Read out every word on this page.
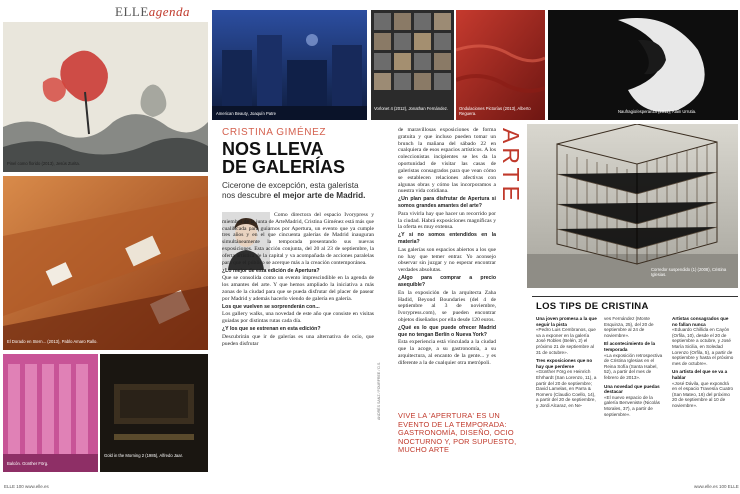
ELLEagenda
Pinel como florido (2013), Jesús Zurita.
American Beauty, Joaquín Patre
El Dorado en Stern... (2013), Pablo Amaro Rallo.
Balcón. Günther Förg.
Gold in the Morning 2 (1985), Alfredo Jaar.
CRISTINA GIMÉNEZ
NOS LLEVA
DE GALERÍAS
Cicerone de excepción, esta galerista nos descubre el mejor arte de Madrid.

Como directora del espacio Ivorypress y miembro de la junta de ArteMadrid, Cristina Giménez está más que cualificada para guiarnos por Apertura, un evento que ya cumple tres años y en el que cincuenta galerías de Madrid inauguran simultáneamente la temporada presentando sus nuevas exposiciones. Esta acción conjunta, del 20 al 23 de septiembre, la oferta artística de la capital y va acompañada de acciones paralelas para que el público se acerque más a la creación contemporánea.

¿Lo mejor de esta edición de Apertura?

Que se consolida como un evento imprescindible en la agenda de los amantes del arte. Y que hemos ampliado la iniciativa a más zonas de la ciudad para que se pueda disfrutar del placer de pasear por Madrid y además hacerlo viendo de galería en galería.

Los que vuelven se sorprenderán con...

Los gallery walks, una novedad de este año que consiste en visitas guiadas por distintas rutas cada día.

¿Y los que se estrenan en esta edición?

Descubrirán que ir de galerías es una alternativa de ocio, que pueden disfrutar

ANDRÉS SANZ / FOURFREE / D.S.

de maravillosas exposiciones de forma gratuita y que incluso pueden tomar un brunch la mañana del sábado 22 en cualquiera de esos espacios artísticos. A los coleccionistas incipientes se les da la oportunidad de visitar las casas de galeristas consagrados para que vean cómo se establecen relaciones afectivas con algunas obras y cómo las incorporamos a nuestra vida cotidiana.

¿Un plan para disfrutar de Apertura si somos grandes amantes del arte?

Para vivirla hay que hacer un recorrido por la ciudad. Habrá exposiciones magníficas y la oferta es muy extensa.

¿Y si no somos entendidos en la materia?

Las galerías son espacios abiertos a los que no hay que temer entrar. Yo aconsejo observar sin juzgar y no esperar encontrar verdades absolutas.

¿Algo para comprar a precio asequible?

En la exposición de la arquitecta Zaha Hadid, Beyond Boundaries (del 4 de septiembre al 3 de noviembre, Ivorypress.com), se pueden encontrar objetos diseñados por ella desde 120 euros.

¿Qué es lo que puede ofrecer Madrid que no tengan Berlín o Nueva York?

Esta experiencia está vinculada a la ciudad que la acoge, a su gastronomía, a su arquitectura, al encanto de la gente... y es diferente a la de cualquier otra metrópoli.

ARTE
VIVE LA 'APERTURA' ES UN EVENTO DE LA TEMPORADA: GASTRONOMÍA, DISEÑO, OCIO NOCTURNO Y, POR SUPUESTO, MUCHO ARTE
Vorlonet 4 (2012), Jonathan Fernández.	Ondulaciones Pictorías (2013), Alberto Reguera.	Naufragio/esperanza (2011), Alain Urrutia.
Corredor suspendido (1) (2008), Cristina Iglesias.
LOS TIPS DE CRISTINA
Una joven promesa a la que seguir la pista
«Pedro Luis Cembranos, que va a exponer en la galería José Robles (Belén, 2) el próximo 21 de septiembre al 31 de octubre».
Tres exposiciones que no hay que perderse
«Günther Förg en Heinrich Ehrhardt (San Lorenzo, 11), a partir del 20 de septiembre; David Lamelas, en Parra & Romero (Claudio Coello, 14), a partir del 20 de septiembre, y Jordi Alcaraz, en Ne-
ves Fernández (Monte Esquinza, 25), del 20 de septiembre al 24 de noviembre».
El acontecimiento de la temporada
«La exposición retrospectiva de Cristina Iglesias en el Reina Sofía (Santa Isabel, 52), a partir del mes de febrero de 2013».
Una novedad que puedas destacar
«El nuevo espacio de la galería Benveniste (Nicolás Morales, 37), a partir de septiembre».
Artistas consagrados que no fallan nunca
«Eduardo Chillida en Cayón (Orfila, 10), desde el 20 de septiembre a octubre, y José María Sicilia, en Soledad Lorenzo (Orfila, 5), a partir de septiembre y hasta el próximo mes de octubre».
Un artista del que se va a hablar
«José Dávila, que expondrá en el espacio Travesía Cuatro (San Mateo, 16) del próximo 20 de septiembre al 10 de noviembre».
ELLE 100 www.elle.es	www.elle.es 100 ELLE
